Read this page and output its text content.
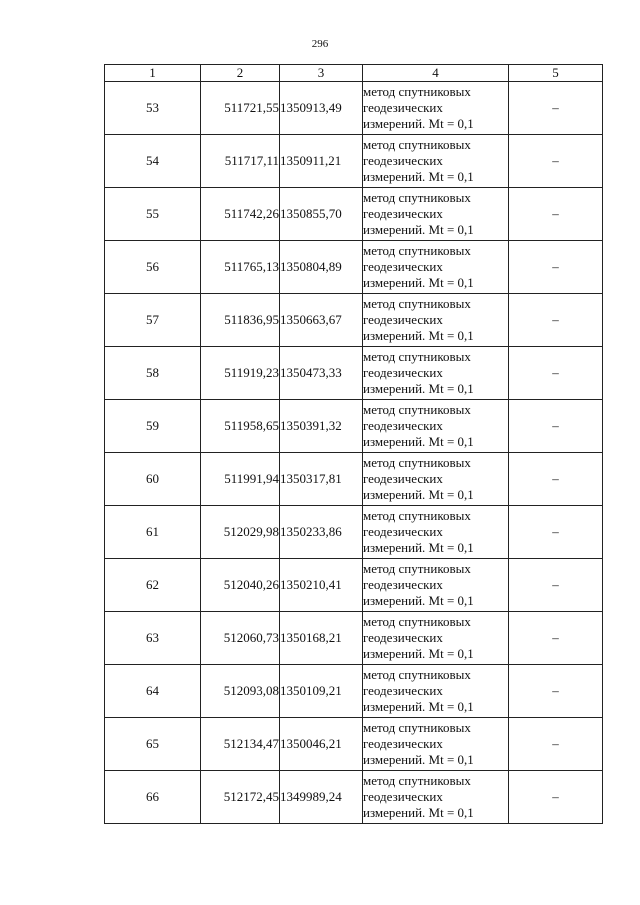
296
1	2	3	4	5
53	511721,55	1350913,49	метод спутниковых
геодезических
измерений. Mt = 0,1	–
54	511717,11	1350911,21	метод спутниковых
геодезических
измерений. Mt = 0,1	–
55	511742,26	1350855,70	метод спутниковых
геодезических
измерений. Mt = 0,1	–
56	511765,13	1350804,89	метод спутниковых
геодезических
измерений. Mt = 0,1	–
57	511836,95	1350663,67	метод спутниковых
геодезических
измерений. Mt = 0,1	–
58	511919,23	1350473,33	метод спутниковых
геодезических
измерений. Mt = 0,1	–
59	511958,65	1350391,32	метод спутниковых
геодезических
измерений. Mt = 0,1	–
60	511991,94	1350317,81	метод спутниковых
геодезических
измерений. Mt = 0,1	–
61	512029,98	1350233,86	метод спутниковых
геодезических
измерений. Mt = 0,1	–
62	512040,26	1350210,41	метод спутниковых
геодезических
измерений. Mt = 0,1	–
63	512060,73	1350168,21	метод спутниковых
геодезических
измерений. Mt = 0,1	–
64	512093,08	1350109,21	метод спутниковых
геодезических
измерений. Mt = 0,1	–
65	512134,47	1350046,21	метод спутниковых
геодезических
измерений. Mt = 0,1	–
66	512172,45	1349989,24	метод спутниковых
геодезических
измерений. Mt = 0,1	–
